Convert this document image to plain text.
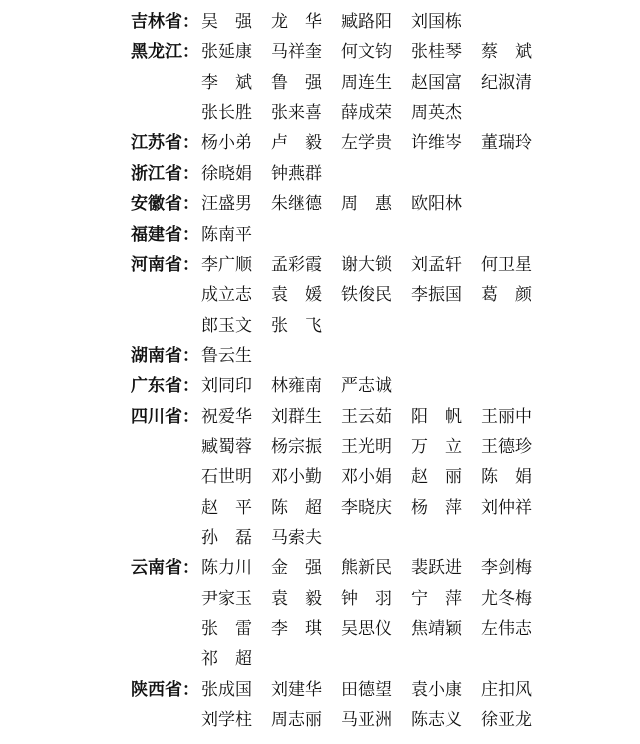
吉林省： 吴　强 龙　华 臧路阳 刘国栋
黑龙江： 张延康 马祥奎 何文钧 张桂琴 蔡　斌
李　斌 鲁　强 周连生 赵国富 纪淑清
张长胜 张来喜 薛成荣 周英杰
江苏省： 杨小弟 卢　毅 左学贵 许维岑 董瑞玲
浙江省： 徐晓娟 钟燕群
安徽省： 汪盛男 朱继德 周　惠 欧阳林
福建省： 陈南平
河南省： 李广顺 孟彩霞 谢大锁 刘孟轩 何卫星
成立志 袁　媛 铁俊民 李振国 葛　颜
郎玉文 张　飞
湖南省： 鲁云生
广东省： 刘同印 林雍南 严志诚
四川省： 祝爱华 刘群生 王云茹 阳　帆 王丽中
臧蜀蓉 杨宗振 王光明 万　立 王德珍
石世明 邓小勤 邓小娟 赵　丽 陈　娟
赵　平 陈　超 李晓庆 杨　萍 刘仲祥
孙　磊 马索夫
云南省： 陈力川 金　强 熊新民 裴跃进 李剑梅
尹家玉 袁　毅 钟　羽 宁　萍 尤冬梅
张　雷 李　琪 吴思仪 焦靖颖 左伟志
祁　超
陕西省： 张成国 刘建华 田德望 袁小康 庄扣风
刘学柱 周志丽 马亚洲 陈志义 徐亚龙
